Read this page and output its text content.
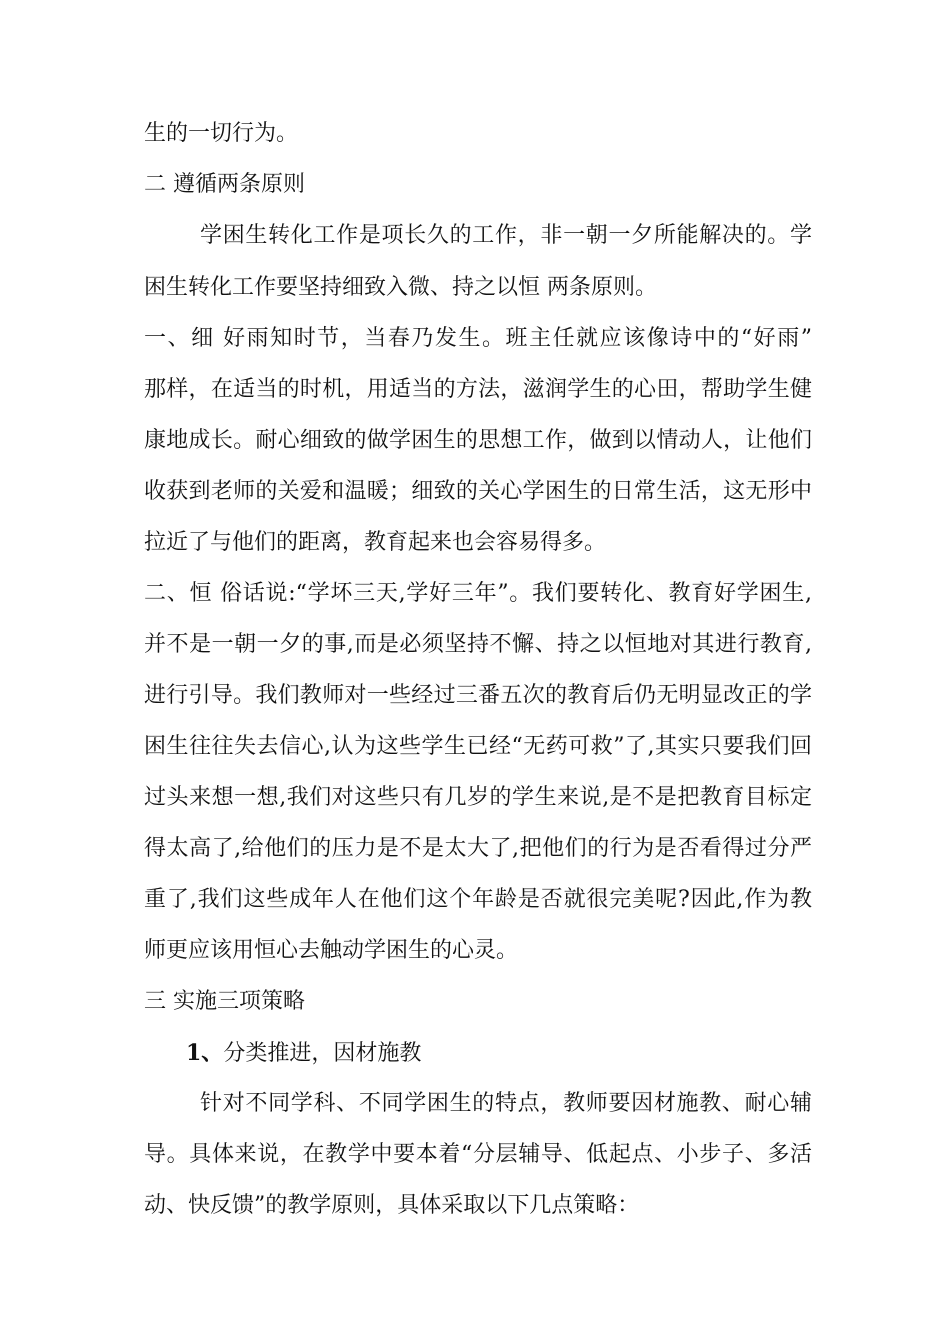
生的一切行为。
二 遵循两条原则
学困生转化工作是项长久的工作，非一朝一夕所能解决的。学
困生转化工作要坚持细致入微、持之以恒 两条原则。
一、细 好雨知时节，当春乃发生。班主任就应该像诗中的“好雨”
那样，在适当的时机，用适当的方法，滋润学生的心田，帮助学生健
康地成长。耐心细致的做学困生的思想工作，做到以情动人，让他们
收获到老师的关爱和温暖；细致的关心学困生的日常生活，这无形中
拉近了与他们的距离，教育起来也会容易得多。
二、恒 俗话说:“学坏三天,学好三年”。我们要转化、教育好学困生,
并不是一朝一夕的事,而是必须坚持不懈、持之以恒地对其进行教育,
进行引导。我们教师对一些经过三番五次的教育后仍无明显改正的学
困生往往失去信心,认为这些学生已经“无药可救”了,其实只要我们回
过头来想一想,我们对这些只有几岁的学生来说,是不是把教育目标定
得太高了,给他们的压力是不是太大了,把他们的行为是否看得过分严
重了,我们这些成年人在他们这个年龄是否就很完美呢?因此,作为教
师更应该用恒心去触动学困生的心灵。
三 实施三项策略
1、分类推进，因材施教
针对不同学科、不同学困生的特点，教师要因材施教、耐心辅
导。具体来说，在教学中要本着“分层辅导、低起点、小步子、多活
动、快反馈”的教学原则，具体采取以下几点策略：
